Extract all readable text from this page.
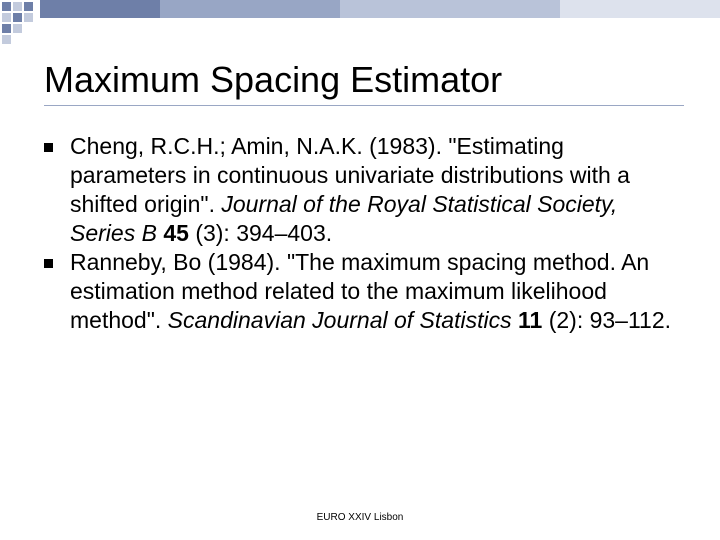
Maximum Spacing Estimator
Cheng, R.C.H.; Amin, N.A.K. (1983). "Estimating parameters in continuous univariate distributions with a shifted origin". Journal of the Royal Statistical Society, Series B 45 (3): 394–403.
Ranneby, Bo (1984). "The maximum spacing method. An estimation method related to the maximum likelihood method". Scandinavian Journal of Statistics 11 (2): 93–112.
EURO XXIV Lisbon
